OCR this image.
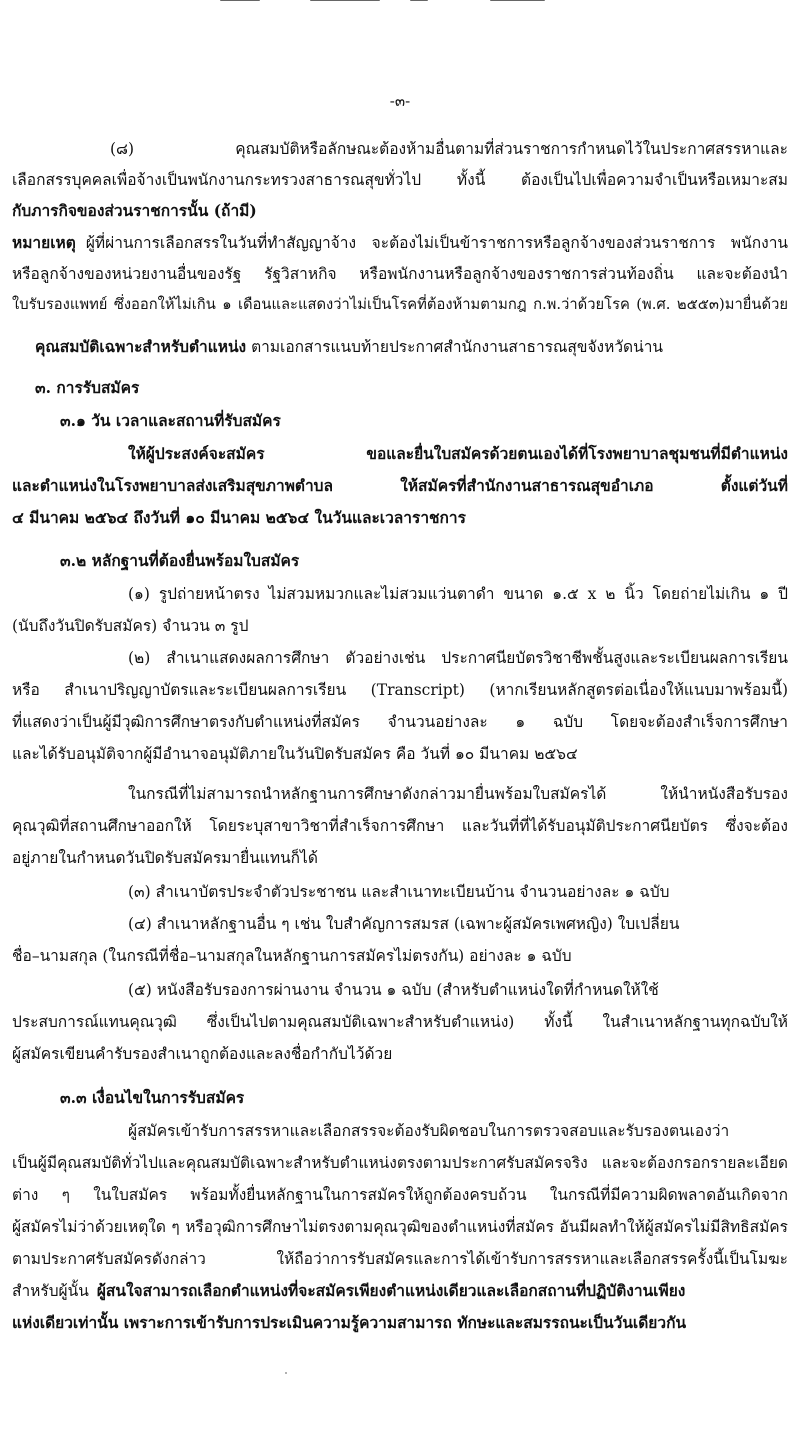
-๓-
(๘) คุณสมบัติหรือลักษณะต้องห้ามอื่นตามที่ส่วนราชการกำหนดไว้ในประกาศสรรหาและ
เลือกสรรบุคคลเพื่อจ้างเป็นพนักงานกระทรวงสาธารณสุขทั่วไป ทั้งนี้ ต้องเป็นไปเพื่อความจำเป็นหรือเหมาะสม
กับภารกิจของส่วนราชการนั้น (ถ้ามี)
หมายเหตุ ผู้ที่ผ่านการเลือกสรรในวันที่ทำสัญญาจ้าง จะต้องไม่เป็นข้าราชการหรือลูกจ้างของส่วนราชการ พนักงาน
หรือลูกจ้างของหน่วยงานอื่นของรัฐ รัฐวิสาหกิจ หรือพนักงานหรือลูกจ้างของราชการส่วนท้องถิ่น และจะต้องนำ
ใบรับรองแพทย์ ซึ่งออกให้ไม่เกิน ๑ เดือนและแสดงว่าไม่เป็นโรคที่ต้องห้ามตามกฎ ก.พ.ว่าด้วยโรค (พ.ศ. ๒๕๕๓)มายื่นด้วย
คุณสมบัติเฉพาะสำหรับตำแหน่ง ตามเอกสารแนบท้ายประกาศสำนักงานสาธารณสุขจังหวัดน่าน
๓. การรับสมัคร
๓.๑ วัน เวลาและสถานที่รับสมัคร
ให้ผู้ประสงค์จะสมัคร ขอและยื่นใบสมัครด้วยตนเองได้ที่โรงพยาบาลชุมชนที่มีตำแหน่ง
และตำแหน่งในโรงพยาบาลส่งเสริมสุขภาพตำบล ให้สมัครที่สำนักงานสาธารณสุขอำเภอ ตั้งแต่วันที่
๔ มีนาคม ๒๕๖๔ ถึงวันที่ ๑๐ มีนาคม ๒๕๖๔ ในวันและเวลาราชการ
๓.๒ หลักฐานที่ต้องยื่นพร้อมใบสมัคร
(๑) รูปถ่ายหน้าตรง ไม่สวมหมวกและไม่สวมแว่นตาดำ ขนาด ๑.๕ x ๒ นิ้ว โดยถ่ายไม่เกิน ๑ ปี
(นับถึงวันปิดรับสมัคร) จำนวน ๓ รูป
(๒) สำเนาแสดงผลการศึกษา ตัวอย่างเช่น ประกาศนียบัตรวิชาชีพชั้นสูงและระเบียนผลการเรียน
หรือ สำเนาปริญญาบัตรและระเบียนผลการเรียน (Transcript) (หากเรียนหลักสูตรต่อเนื่องให้แนบมาพร้อมนี้)
ที่แสดงว่าเป็นผู้มีวุฒิการศึกษาตรงกับตำแหน่งที่สมัคร จำนวนอย่างละ ๑ ฉบับ โดยจะต้องสำเร็จการศึกษา
และได้รับอนุมัติจากผู้มีอำนาจอนุมัติภายในวันปิดรับสมัคร คือ วันที่ ๑๐ มีนาคม ๒๕๖๔
ในกรณีที่ไม่สามารถนำหลักฐานการศึกษาดังกล่าวมายื่นพร้อมใบสมัครได้ ให้นำหนังสือรับรอง
คุณวุฒิที่สถานศึกษาออกให้ โดยระบุสาขาวิชาที่สำเร็จการศึกษา และวันที่ที่ได้รับอนุมัติประกาศนียบัตร ซึ่งจะต้อง
อยู่ภายในกำหนดวันปิดรับสมัครมายื่นแทนก็ได้
(๓) สำเนาบัตรประจำตัวประชาชน และสำเนาทะเบียนบ้าน จำนวนอย่างละ ๑ ฉบับ
(๔) สำเนาหลักฐานอื่น ๆ เช่น ใบสำคัญการสมรส (เฉพาะผู้สมัครเพศหญิง) ใบเปลี่ยน
ชื่อ–นามสกุล (ในกรณีที่ชื่อ–นามสกุลในหลักฐานการสมัครไม่ตรงกัน) อย่างละ ๑ ฉบับ
(๕) หนังสือรับรองการผ่านงาน จำนวน ๑ ฉบับ (สำหรับตำแหน่งใดที่กำหนดให้ใช้
ประสบการณ์แทนคุณวุฒิ ซึ่งเป็นไปตามคุณสมบัติเฉพาะสำหรับตำแหน่ง) ทั้งนี้ ในสำเนาหลักฐานทุกฉบับให้
ผู้สมัครเขียนคำรับรองสำเนาถูกต้องและลงชื่อกำกับไว้ด้วย
๓.๓ เงื่อนไขในการรับสมัคร
ผู้สมัครเข้ารับการสรรหาและเลือกสรรจะต้องรับผิดชอบในการตรวจสอบและรับรองตนเองว่า
เป็นผู้มีคุณสมบัติทั่วไปและคุณสมบัติเฉพาะสำหรับตำแหน่งตรงตามประกาศรับสมัครจริง และจะต้องกรอกรายละเอียด
ต่าง ๆ ในใบสมัคร พร้อมทั้งยื่นหลักฐานในการสมัครให้ถูกต้องครบถ้วน ในกรณีที่มีความผิดพลาดอันเกิดจาก
ผู้สมัครไม่ว่าด้วยเหตุใด ๆ หรือวุฒิการศึกษาไม่ตรงตามคุณวุฒิของตำแหน่งที่สมัคร อันมีผลทำให้ผู้สมัครไม่มีสิทธิสมัคร
ตามประกาศรับสมัครดังกล่าว ให้ถือว่าการรับสมัครและการได้เข้ารับการสรรหาและเลือกสรรครั้งนี้เป็นโมฆะ
สำหรับผู้นั้น ผู้สนใจสามารถเลือกตำแหน่งที่จะสมัครเพียงตำแหน่งเดียวและเลือกสถานที่ปฏิบัติงานเพียง
แห่งเดียวเท่านั้น เพราะการเข้ารับการประเมินความรู้ความสามารถ ทักษะและสมรรถนะเป็นวันเดียวกัน
